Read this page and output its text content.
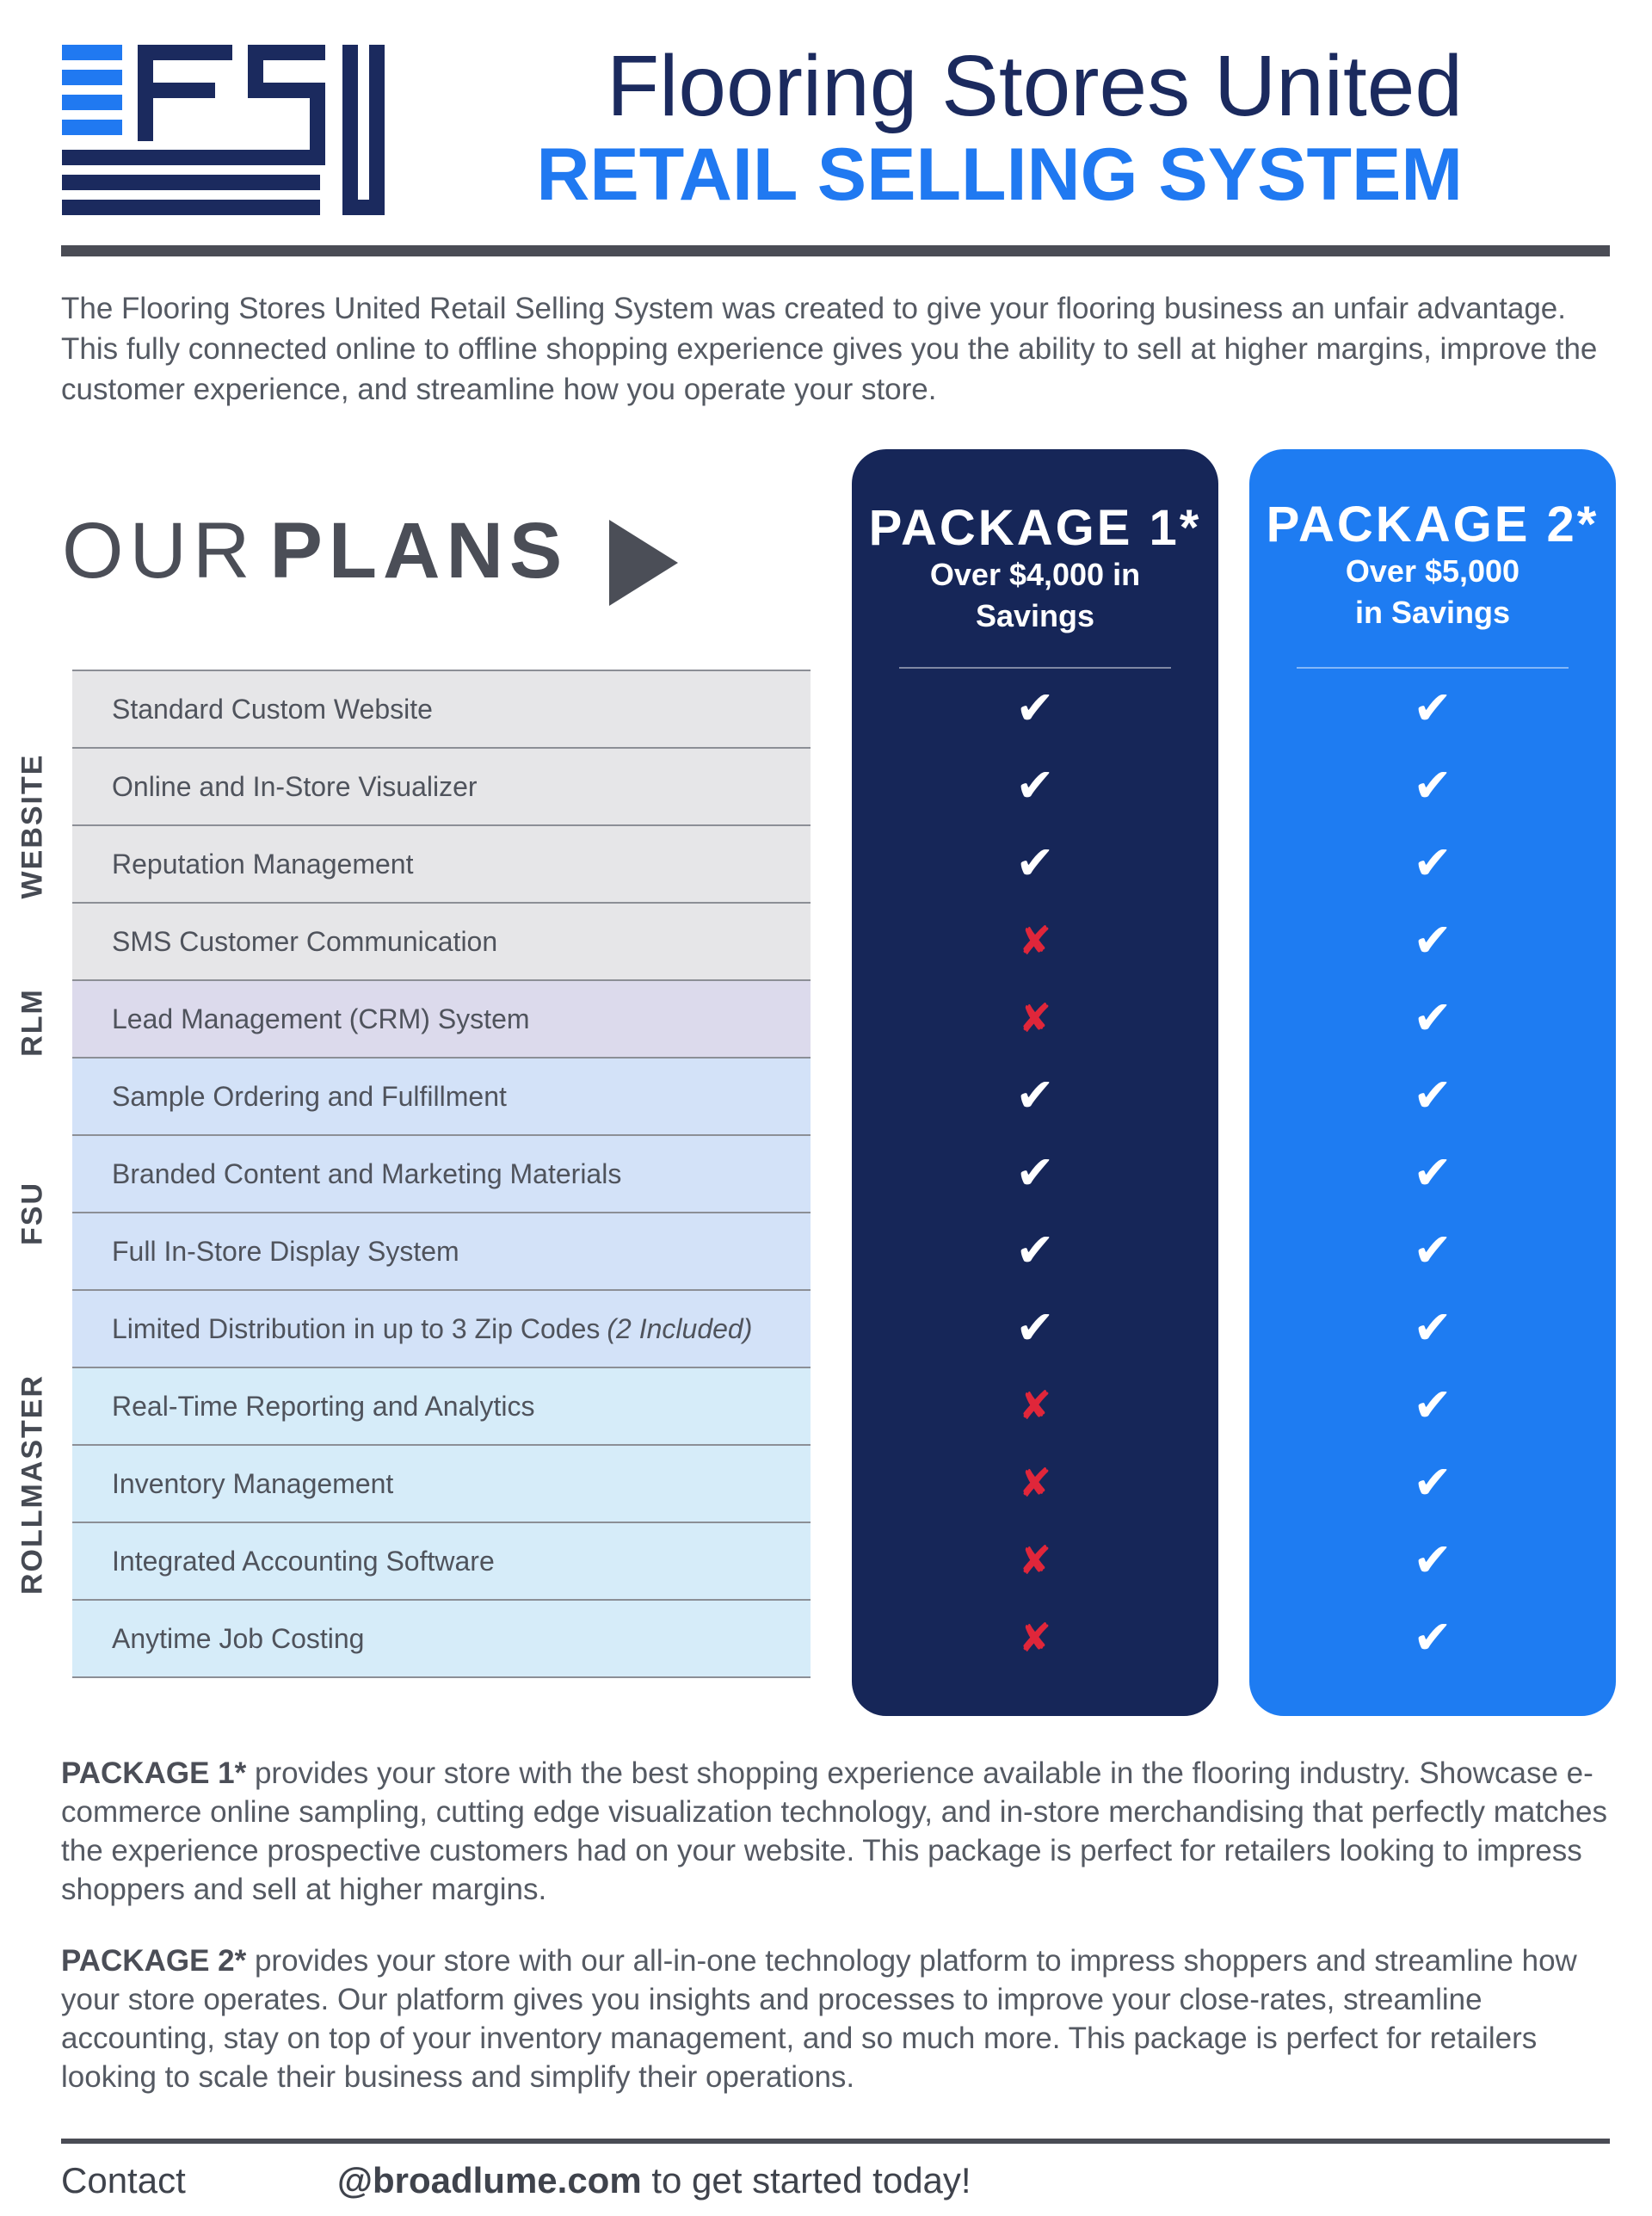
Flooring Stores United
RETAIL SELLING SYSTEM
The Flooring Stores United Retail Selling System was created to give your flooring business an unfair advantage. This fully connected online to offline shopping experience gives you the ability to sell at higher margins, improve the customer experience, and streamline how you operate your store.
OUR PLANS
WEBSITE
RLM
FSU
ROLLMASTER
Standard Custom Website
Online and In-Store Visualizer
Reputation Management
SMS Customer Communication
Lead Management (CRM) System
Sample Ordering and Fulfillment
Branded Content and Marketing Materials
Full In-Store Display System
Limited Distribution in up to 3 Zip Codes (2 Included)
Real-Time Reporting and Analytics
Inventory Management
Integrated Accounting Software
Anytime Job Costing
PACKAGE 1*
Over $4,000 in
Savings
✔
✔
✔
✘
✘
✔
✔
✔
✔
✘
✘
✘
✘
PACKAGE 2*
Over $5,000
in Savings
✔
✔
✔
✔
✔
✔
✔
✔
✔
✔
✔
✔
✔
PACKAGE 1* provides your store with the best shopping experience available in the flooring industry. Showcase e-commerce online sampling, cutting edge visualization technology, and in-store merchandising that perfectly matches the experience prospective customers had on your website. This package is perfect for retailers looking to impress shoppers and sell at higher margins.
PACKAGE 2* provides your store with our all-in-one technology platform to impress shoppers and streamline how your store operates. Our platform gives you insights and processes to improve your close-rates, streamline accounting, stay on top of your inventory management, and so much more. This package is perfect for retailers looking to scale their business and simplify their operations.
Contact	@broadlume.com to get started today!
